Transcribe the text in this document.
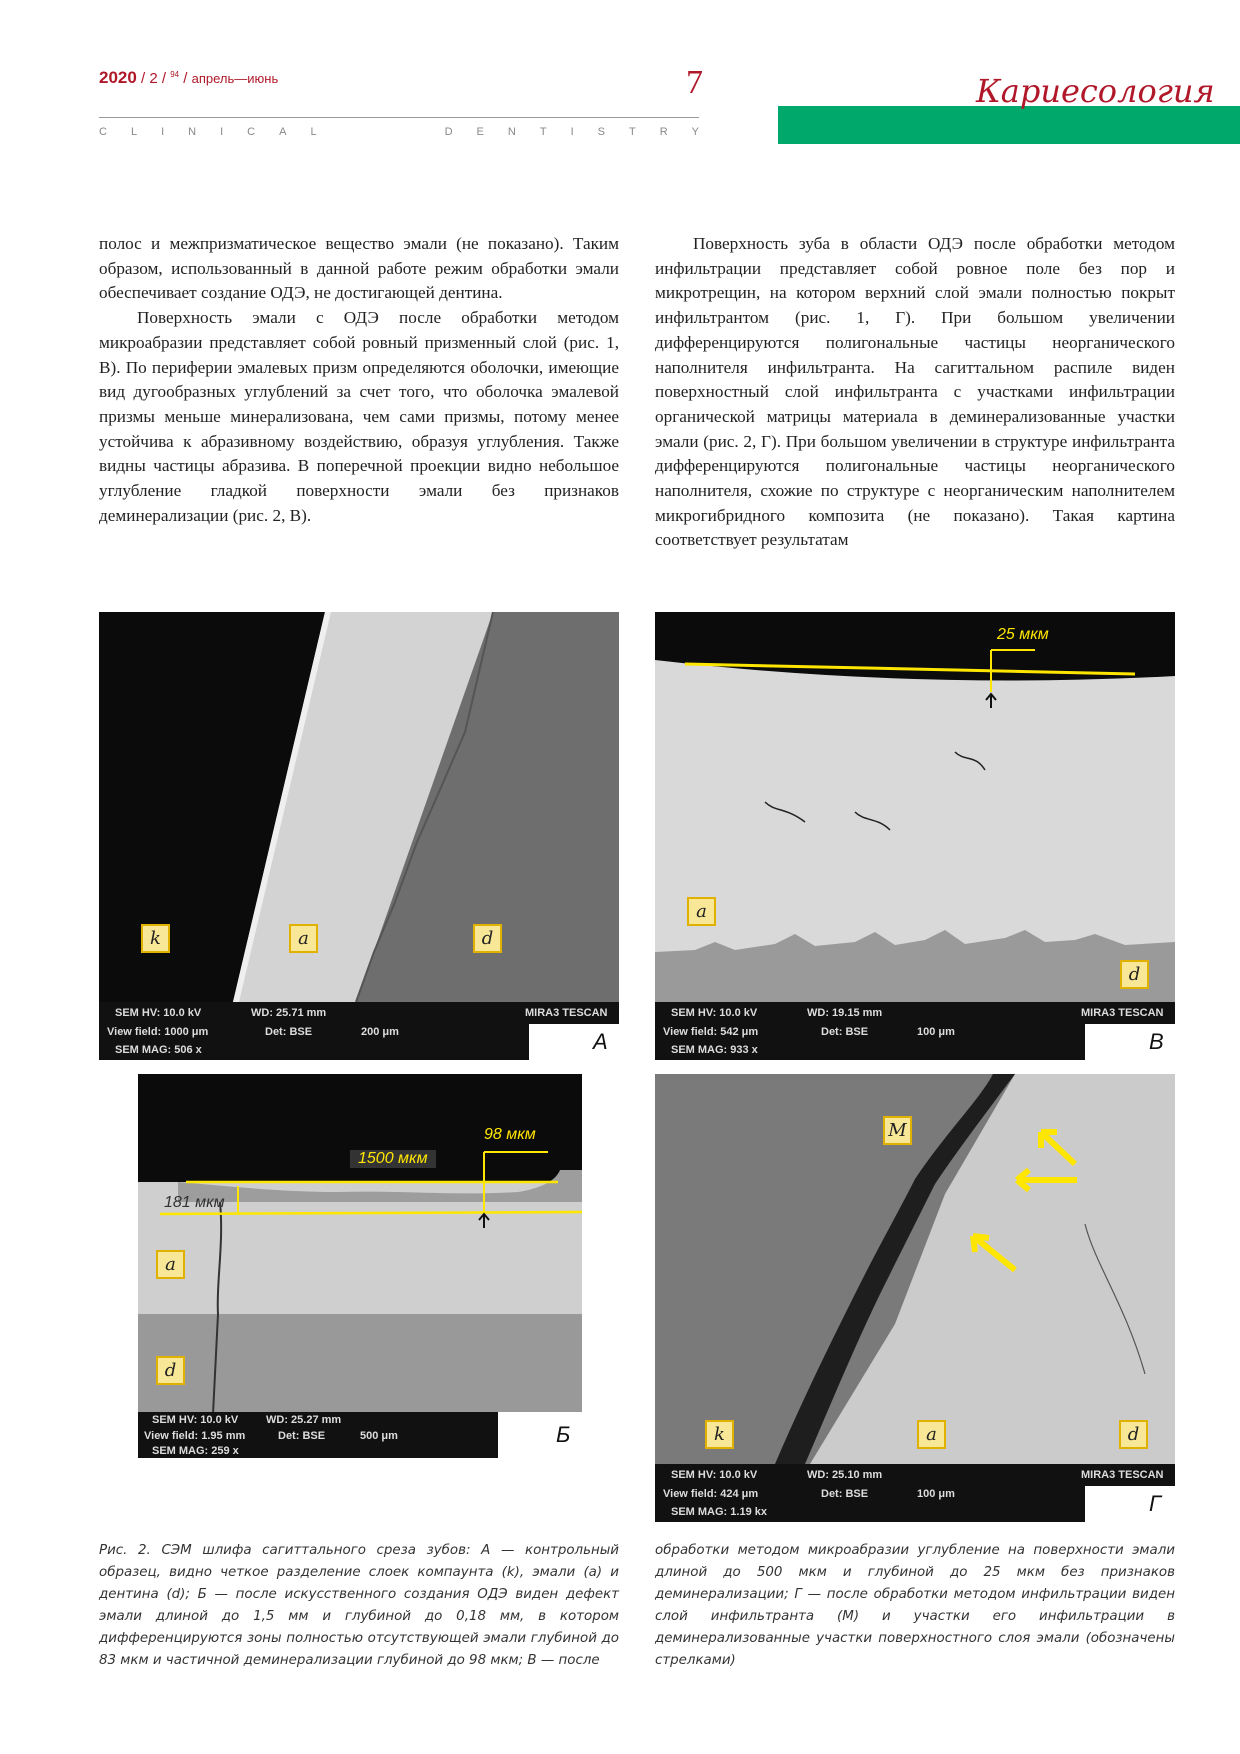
2020 / 2 / $^{94}$ / апрель—июнь	7
C L I N I C A L	D E N T I S T R Y
Кариесология

полос и межпризматическое вещество эмали (не показано). Таким образом, использованный в данной работе режим обработки эмали обеспечивает создание ОДЭ, не достигающей дентина.

Поверхность эмали с ОДЭ после обработки методом микроабразии представляет собой ровный призменный слой (рис. 1, В). По периферии эмалевых призм определяются оболочки, имеющие вид дугообразных углублений за счет того, что оболочка эмалевой призмы меньше минерализована, чем сами призмы, потому менее устойчива к абразивному воздействию, образуя углубления. Также видны частицы абразива. В поперечной проекции видно небольшое углубление гладкой поверхности эмали без признаков деминерализации (рис. 2, В).

Поверхность зуба в области ОДЭ после обработки методом инфильтрации представляет собой ровное поле без пор и микротрещин, на котором верхний слой эмали полностью покрыт инфильтрантом (рис. 1, Г). При большом увеличении дифференцируются полигональные частицы неорганического наполнителя инфильтранта. На сагиттальном распиле виден поверхностный слой инфильтранта с участками инфильтрации органической матрицы материала в деминерализованные участки эмали (рис. 2, Г). При большом увеличении в структуре инфильтранта дифференцируются полигональные частицы неорганического наполнителя, схожие по структуре с неорганическим наполнителем микрогибридного композита (не показано). Такая картина соответствует результатам

k	a	d
SEM HV: 10.0 kV	WD: 25.71 mm	MIRA3 TESCAN
View field: 1000 μm	Det: BSE	200 μm
SEM MAG: 506 x	А
25 мкм
a
d
SEM HV: 10.0 kV	WD: 19.15 mm	MIRA3 TESCAN
View field: 542 μm	Det: BSE	100 μm
SEM MAG: 933 x	В
1500 мкм
98 мкм
181 мкм
a
d
SEM HV: 10.0 kV	WD: 25.27 mm
View field: 1.95 mm	Det: BSE	500 μm
SEM MAG: 259 x
Б
M
k	a	d
SEM HV: 10.0 kV	WD: 25.10 mm	MIRA3 TESCAN
View field: 424 μm	Det: BSE	100 μm
SEM MAG: 1.19 kx	Г
Рис. 2. СЭМ шлифа сагиттального среза зубов: А — контрольный образец, видно четкое разделение слоек компаунта (k), эмали (a) и дентина (d); Б — после искусственного создания ОДЭ виден дефект эмали длиной до 1,5 мм и глубиной до 0,18 мм, в котором дифференцируются зоны полностью отсутствующей эмали глубиной до 83 мкм и частичной деминерализации глубиной до 98 мкм; В — после
обработки методом микроабразии углубление на поверхности эмали длиной до 500 мкм и глубиной до 25 мкм без признаков деминерализации; Г — после обработки методом инфильтрации виден слой инфильтранта (М) и участки его инфильтрации в деминерализованные участки поверхностного слоя эмали (обозначены стрелками)
